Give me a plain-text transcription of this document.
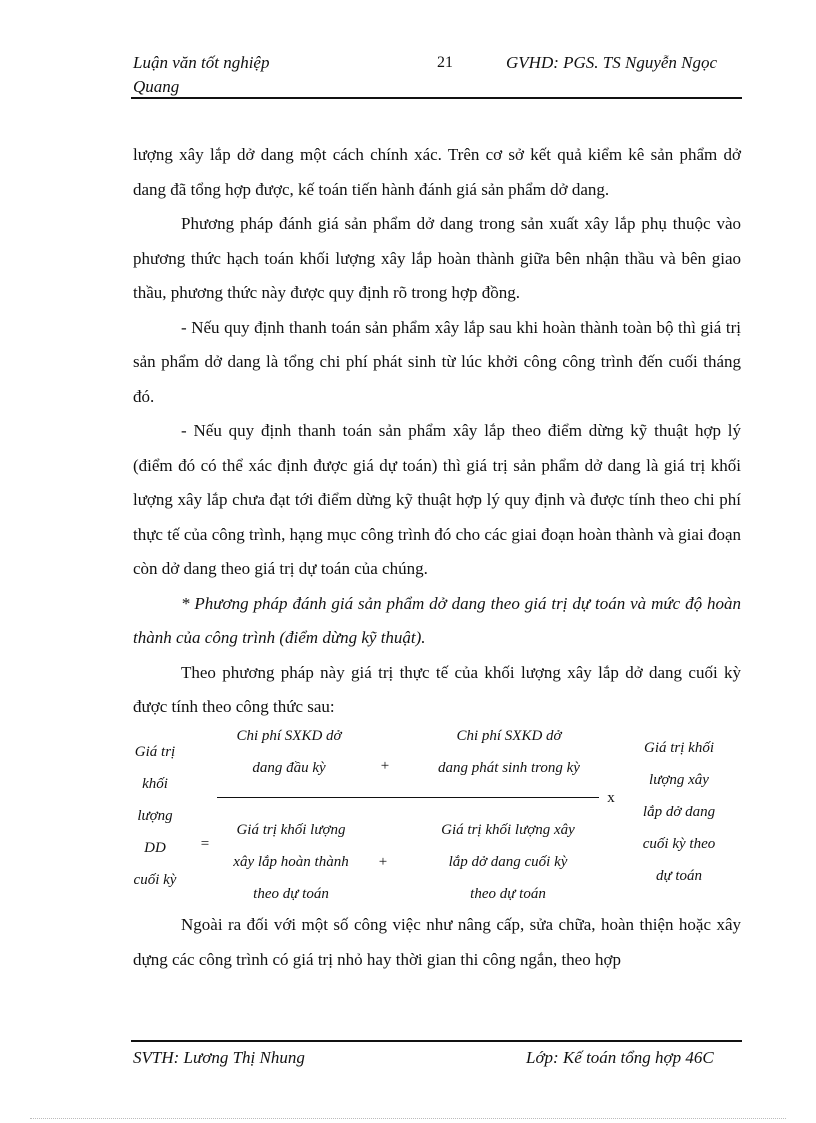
Luận văn tốt nghiệp	21	GVHD: PGS. TS Nguyễn Ngọc
Quang

lượng xây lắp dở dang một cách chính xác. Trên cơ sở kết quả kiểm kê sản phẩm dở dang đã tổng hợp được, kế toán tiến hành đánh giá sản phẩm dở dang.

Phương pháp đánh giá sản phẩm dở dang trong sản xuất xây lắp phụ thuộc vào phương thức hạch toán khối lượng xây lắp hoàn thành giữa bên nhận thầu và bên giao thầu, phương thức này được quy định rõ trong hợp đồng.

- Nếu quy định thanh toán sản phẩm xây lắp sau khi hoàn thành toàn bộ thì giá trị sản phẩm dở dang là tổng chi phí phát sinh từ lúc khởi công công trình đến cuối tháng đó.

- Nếu quy định thanh toán sản phẩm xây lắp theo điểm dừng kỹ thuật hợp lý (điểm đó có thể xác định được giá dự toán) thì giá trị sản phẩm dở dang là giá trị khối lượng xây lắp chưa đạt tới điểm dừng kỹ thuật hợp lý quy định và được tính theo chi phí thực tế của công trình, hạng mục công trình đó cho các giai đoạn hoàn thành và giai đoạn còn dở dang theo giá trị dự toán của chúng.

* Phương pháp đánh giá sản phẩm dở dang theo giá trị dự toán và mức độ hoàn thành của công trình (điểm dừng kỹ thuật).

Theo phương pháp này giá trị thực tế của khối lượng xây lắp dở dang cuối kỳ được tính theo công thức sau:

Giá trị
khối
lượng
DD
cuối kỳ
=
Chi phí SXKD dở
dang đầu kỳ	+
Chi phí SXKD dở
dang phát sinh trong kỳ
x
Giá trị khối lượng
xây lắp hoàn thành
theo dự toán
+
Giá trị khối lượng xây
lắp dở dang cuối kỳ
theo dự toán
Giá trị khối
lượng xây
lắp dở dang
cuối kỳ theo
dự toán

Ngoài ra đối với một số công việc như nâng cấp, sửa chữa, hoàn thiện hoặc xây dựng các công trình có giá trị nhỏ hay thời gian thi công ngắn, theo hợp

SVTH: Lương Thị Nhung	Lớp: Kế toán tổng hợp 46C
